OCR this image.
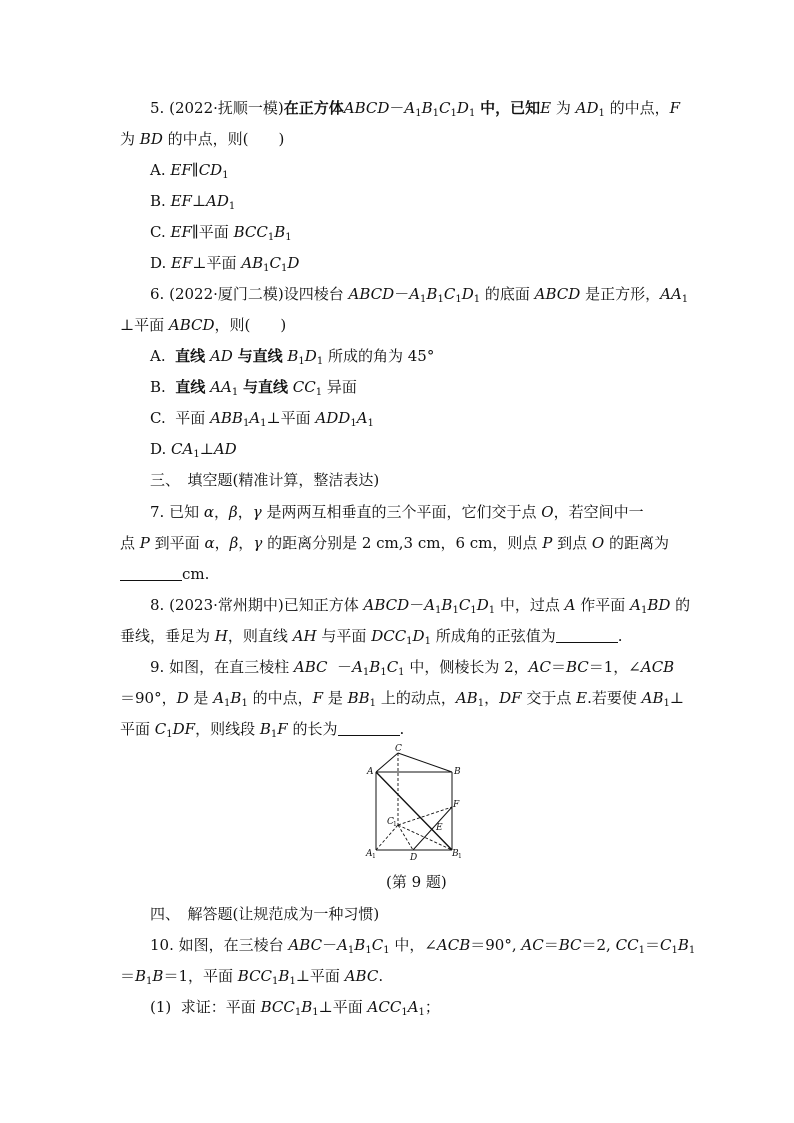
5. (2022·抚顺一模)在正方体$ABCD-A_1B_1C_1D_1$ 中，已知E 为 $AD_1$ 的中点，F
为 BD 的中点，则(　　)
A. $EF\parallel CD_1$
B. $EF\perp AD_1$
C. EF∥平面 $BCC_1B_1$
D. EF⊥平面 $AB_1C_1D$
6. (2022·厦门二模)设四棱台 $ABCD-A_1B_1C_1D_1$ 的底面 ABCD 是正方形，$AA_1$
⊥平面 ABCD，则(　　)
A. 直线 AD 与直线 $B_1D_1$ 所成的角为 45°
B. 直线 $AA_1$ 与直线 $CC_1$ 异面
C. 平面 $ABB_1A_1\perp$平面 $ADD_1A_1$
D. $CA_1\perp AD$
三、　填空题(精准计算，整洁表达)
7. 已知 α，β，γ 是两两互相垂直的三个平面，它们交于点 O，若空间中一
点 P 到平面 α，β，γ 的距离分别是 2 cm,3 cm，6 cm，则点 P 到点 O 的距离为
cm.
8. (2023·常州期中)已知正方体 $ABCD-A_1B_1C_1D_1$ 中，过点 A 作平面 $A_1BD$ 的
垂线，垂足为 H，则直线 AH 与平面 $DCC_1D_1$ 所成角的正弦值为	.
9. 如图，在直三棱柱 ABC  $-A_1B_1C_1$ 中，侧棱长为 2，AC＝BC＝1，∠ACB
＝90°，D 是 $A_1B_1$ 的中点，F 是 $BB_1$ 上的动点，$AB_1$，DF 交于点 E.若要使 $AB_1\perp$
平面 $C_1DF$，则线段 $B_1F$ 的长为	.
C
A	B
C 1
F
E
A 1	D	B 1
(第 9 题)
四、　解答题(让规范成为一种习惯)
10. 如图，在三棱台 $ABC-A_1B_1C_1$ 中，∠ACB＝90°, AC＝BC＝2, $CC_1=C_1B_1$
$=B_1B=1$，平面 $BCC_1B_1\perp$平面 ABC.
(1) 求证：平面 $BCC_1B_1\perp$平面 $ACC_1A_1$；
